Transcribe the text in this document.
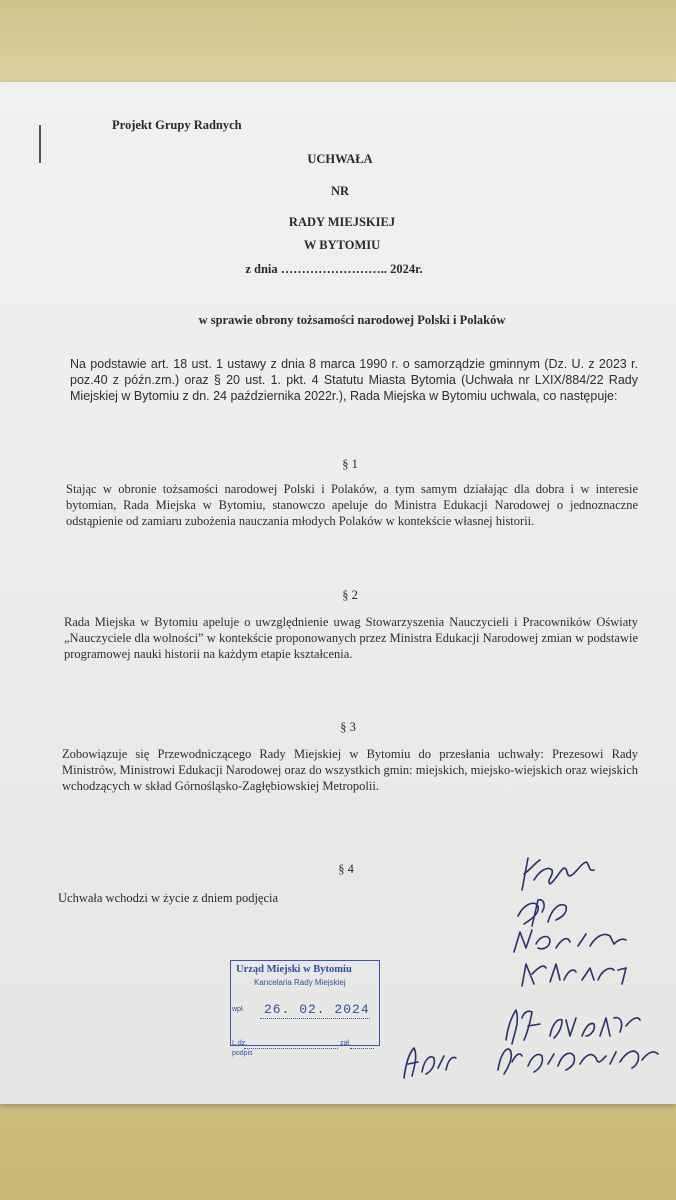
Projekt Grupy Radnych
UCHWAŁA
NR
RADY MIEJSKIEJ
W BYTOMIU
z dnia …………………….. 2024r.
w sprawie obrony tożsamości narodowej Polski i Polaków
Na podstawie art. 18 ust. 1 ustawy z dnia 8 marca 1990 r. o samorządzie gminnym (Dz. U. z 2023 r. poz.40 z późn.zm.) oraz § 20 ust. 1. pkt. 4 Statutu Miasta Bytomia (Uchwała nr LXIX/884/22 Rady Miejskiej w Bytomiu z dn. 24 października 2022r.), Rada Miejska w Bytomiu uchwala, co następuje:
§ 1
Stając w obronie tożsamości narodowej Polski i Polaków, a tym samym działając dla dobra i w interesie bytomian, Rada Miejska w Bytomiu, stanowczo apeluje do Ministra Edukacji Narodowej o jednoznaczne odstąpienie od zamiaru zubożenia nauczania młodych Polaków w kontekście własnej historii.
§ 2
Rada Miejska w Bytomiu apeluje o uwzględnienie uwag Stowarzyszenia Nauczycieli i Pracowników Oświaty „Nauczyciele dla wolności” w kontekście proponowanych przez Ministra Edukacji Narodowej zmian w podstawie programowej nauki historii na każdym etapie kształcenia.
§ 3
Zobowiązuje się Przewodniczącego Rady Miejskiej w Bytomiu do przesłania uchwały: Prezesowi Rady Ministrów, Ministrowi Edukacji Narodowej oraz do wszystkich gmin: miejskich, miejsko-wiejskich oraz wiejskich wchodzących w skład Górnośląsko-Zagłębiowskiej Metropolii.
§ 4
Uchwała wchodzi w życie z dniem podjęcia
Urząd Miejski w Bytomiu
Kancelaria Rady Miejskiej
wpł. 26. 02. 2024
L.dz.	zał.
podpis
